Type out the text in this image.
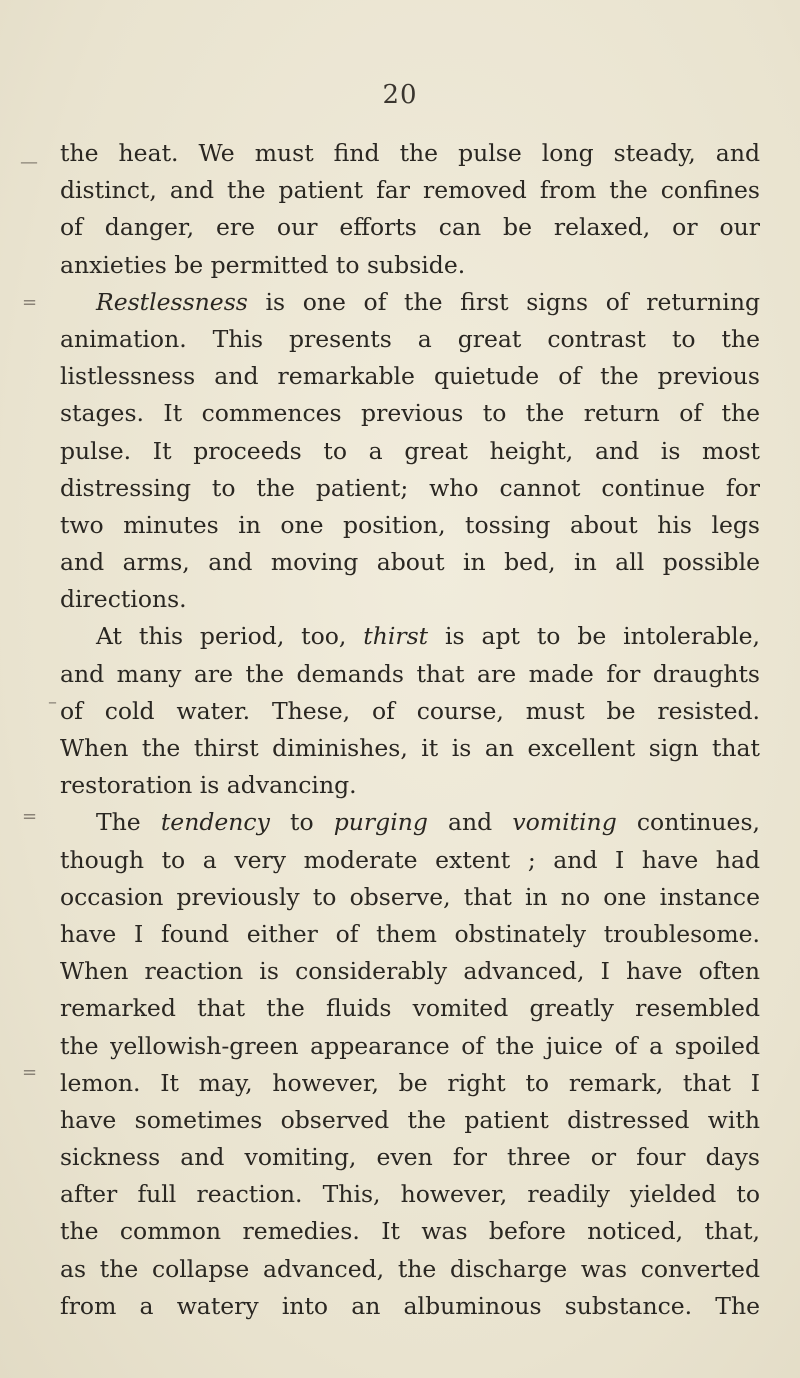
20
—
=
–
=
=
the heat. We must find the pulse long steady, and
distinct, and the patient far removed from the confines
of danger, ere our efforts can be relaxed, or our
anxieties be permitted to subside.
Restlessness is one of the first signs of returning
animation. This presents a great contrast to the
listlessness and remarkable quietude of the previous
stages. It commences previous to the return of the
pulse. It proceeds to a great height, and is most
distressing to the patient; who cannot continue for
two minutes in one position, tossing about his legs
and arms, and moving about in bed, in all possible
directions.
At this period, too, thirst is apt to be intolerable,
and many are the demands that are made for draughts
of cold water. These, of course, must be resisted.
When the thirst diminishes, it is an excellent sign that
restoration is advancing.
The tendency to purging and vomiting continues,
though to a very moderate extent ; and I have had
occasion previously to observe, that in no one instance
have I found either of them obstinately troublesome.
When reaction is considerably advanced, I have often
remarked that the fluids vomited greatly resembled
the yellowish-green appearance of the juice of a spoiled
lemon. It may, however, be right to remark, that I
have sometimes observed the patient distressed with
sickness and vomiting, even for three or four days
after full reaction. This, however, readily yielded to
the common remedies. It was before noticed, that,
as the collapse advanced, the discharge was converted
from a watery into an albuminous substance. The
